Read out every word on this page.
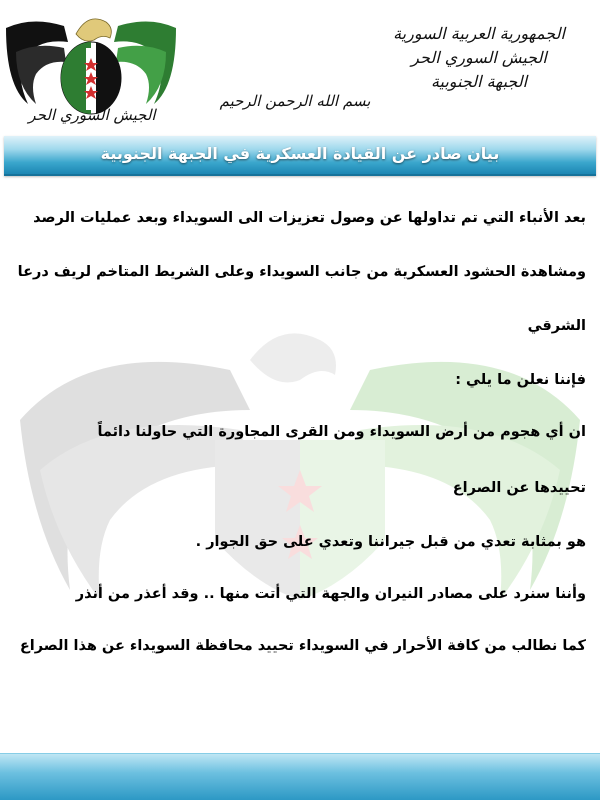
الجيش السوري الحر
الجمهورية العربية السورية
الجيش السوري الحر
الجبهة الجنوبية
بسم الله الرحمن الرحيم
بيان صادر عن القيادة العسكرية في الجبهة الجنوبية
بعد الأنباء التي تم تداولها عن وصول تعزيزات الى السويداء وبعد عمليات الرصد
ومشاهدة الحشود العسكرية من جانب السويداء وعلى الشريط المتاخم لريف درعا
الشرقي
فإننا نعلن ما يلي :
ان أي هجوم من أرض السويداء ومن القرى المجاورة التي حاولنا دائماً
تحييدها عن الصراع
هو بمثابة تعدي من قبل جيراننا وتعدي على حق الجوار .
وأننا سنرد على مصادر النيران والجهة التي أتت منها .. وقد أعذر من أنذر
كما نطالب من كافة الأحرار في السويداء تحييد محافظة السويداء عن هذا الصراع
